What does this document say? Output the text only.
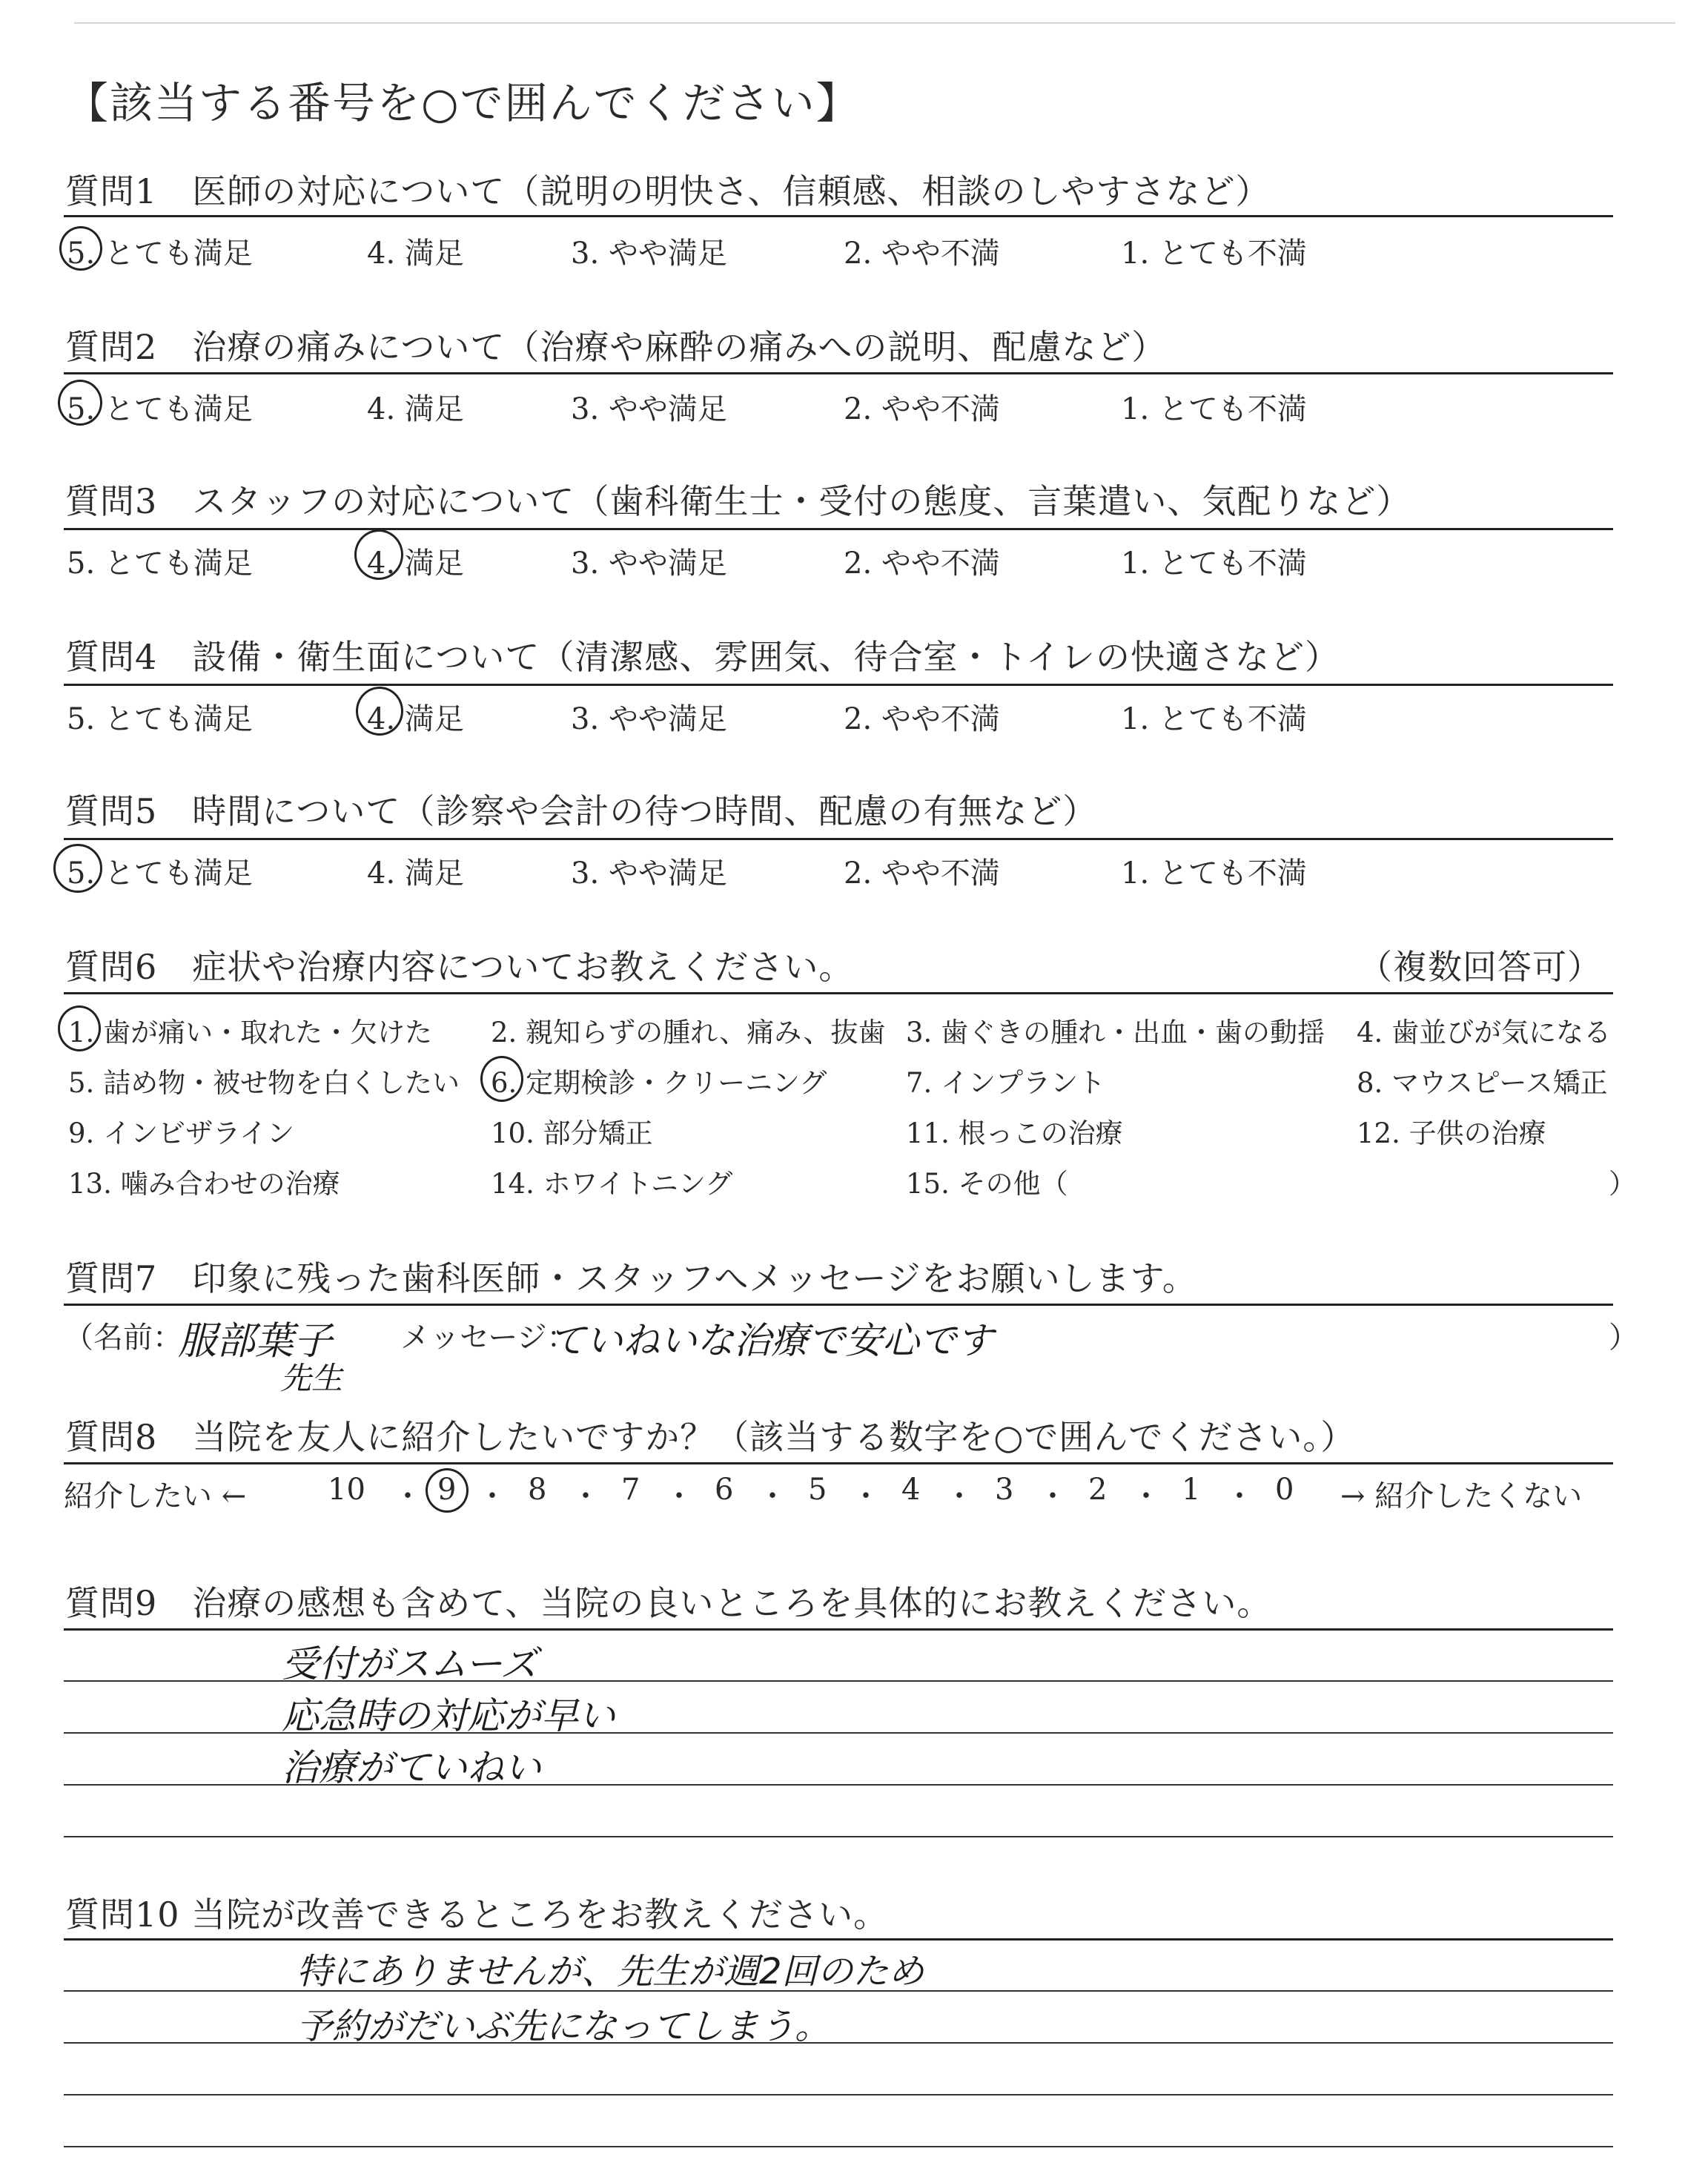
【該当する番号を○で囲んでください】
質問1　医師の対応について（説明の明快さ、信頼感、相談のしやすさなど）
5. とても満足	4. 満足	3. やや満足	2. やや不満	1. とても不満
質問2　治療の痛みについて（治療や麻酔の痛みへの説明、配慮など）
5. とても満足	4. 満足	3. やや満足	2. やや不満	1. とても不満
質問3　スタッフの対応について（歯科衛生士・受付の態度、言葉遣い、気配りなど）
5. とても満足	4. 満足	3. やや満足	2. やや不満	1. とても不満
質問4　設備・衛生面について（清潔感、雰囲気、待合室・トイレの快適さなど）
5. とても満足	4. 満足	3. やや満足	2. やや不満	1. とても不満
質問5　時間について（診察や会計の待つ時間、配慮の有無など）
5. とても満足	4. 満足	3. やや満足	2. やや不満	1. とても不満
質問6　症状や治療内容についてお教えください。	（複数回答可）
1. 歯が痛い・取れた・欠けた 2. 親知らずの腫れ、痛み、抜歯 3. 歯ぐきの腫れ・出血・歯の動揺 4. 歯並びが気になる
5. 詰め物・被せ物を白くしたい 6. 定期検診・クリーニング	7. インプラント	8. マウスピース矯正
9. インビザライン	10. 部分矯正	11. 根っこの治療	12. 子供の治療
13. 噛み合わせの治療	14. ホワイトニング	15. その他（	）
質問7　印象に残った歯科医師・スタッフへメッセージをお願いします。
（名前：
服部葉子
先生
メッセージ：
ていねいな治療で安心です	）
質問8　当院を友人に紹介したいですか？（該当する数字を○で囲んでください。）
紹介したい ←	→ 紹介したくない
10 ・ 9 ・ 8 ・ 7 ・ 6 ・ 5 ・ 4 ・ 3 ・ 2 ・ 1 ・ 0
質問9　治療の感想も含めて、当院の良いところを具体的にお教えください。
受付がスムーズ
応急時の対応が早い
治療がていねい
質問10 当院が改善できるところをお教えください。
特にありませんが、先生が週2回のため
予約がだいぶ先になってしまう。
